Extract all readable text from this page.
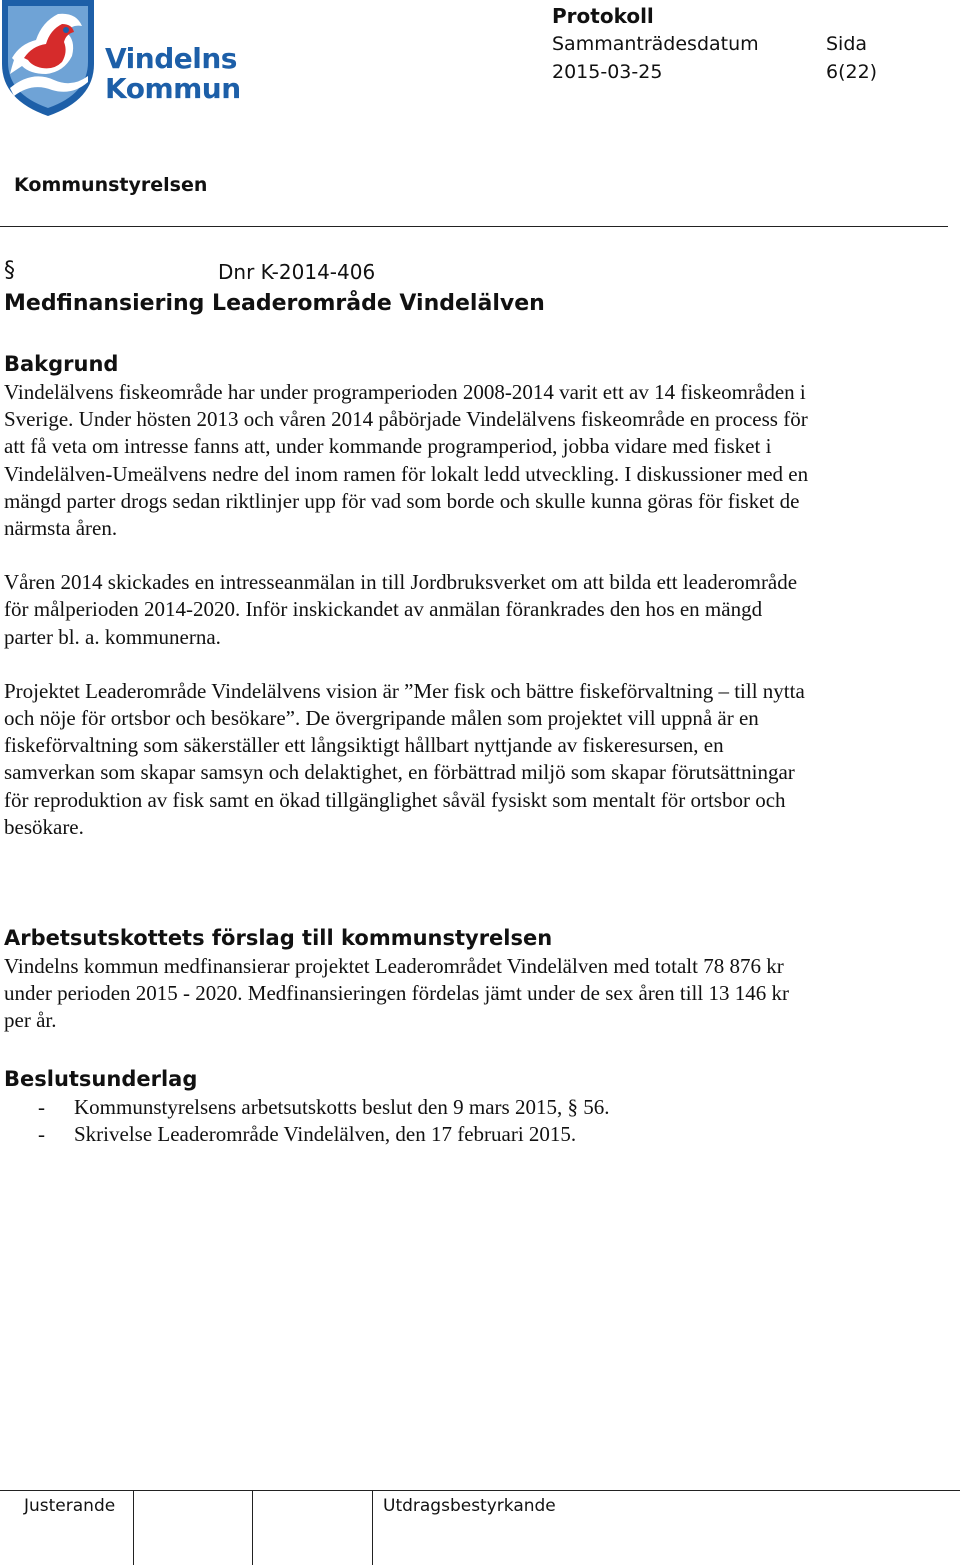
Vindelns
Kommun
Protokoll
Sammanträdesdatum	Sida
2015-03-25	6(22)
Kommunstyrelsen
§	Dnr K-2014-406
Medfinansiering Leaderområde Vindelälven
Bakgrund

Vindelälvens fiskeområde har under programperioden 2008-2014 varit ett av 14 fiskeområden i Sverige. Under hösten 2013 och våren 2014 påbörjade Vindelälvens fiskeområde en process för att få veta om intresse fanns att, under kommande programperiod, jobba vidare med fisket i Vindelälven-Umeälvens nedre del inom ramen för lokalt ledd utveckling. I diskussioner med en mängd parter drogs sedan riktlinjer upp för vad som borde och skulle kunna göras för fisket de närmsta åren.

Våren 2014 skickades en intresseanmälan in till Jordbruksverket om att bilda ett leaderområde för målperioden 2014-2020. Inför inskickandet av anmälan förankrades den hos en mängd parter bl. a. kommunerna.

Projektet Leaderområde Vindelälvens vision är ”Mer fisk och bättre fiskeförvaltning – till nytta och nöje för ortsbor och besökare”. De övergripande målen som projektet vill uppnå är en fiskeförvaltning som säkerställer ett långsiktigt hållbart nyttjande av fiskeresursen, en samverkan som skapar samsyn och delaktighet, en förbättrad miljö som skapar förutsättningar för reproduktion av fisk samt en ökad tillgänglighet såväl fysiskt som mentalt för ortsbor och besökare.

Arbetsutskottets förslag till kommunstyrelsen

Vindelns kommun medfinansierar projektet Leaderområdet Vindelälven med totalt 78 876 kr under perioden 2015 - 2020. Medfinansieringen fördelas jämt under de sex åren till 13 146 kr per år.

Beslutsunderlag
- Kommunstyrelsens arbetsutskotts beslut den 9 mars 2015, § 56.
- Skrivelse Leaderområde Vindelälven, den 17 februari 2015.
Justerande	Utdragsbestyrkande
